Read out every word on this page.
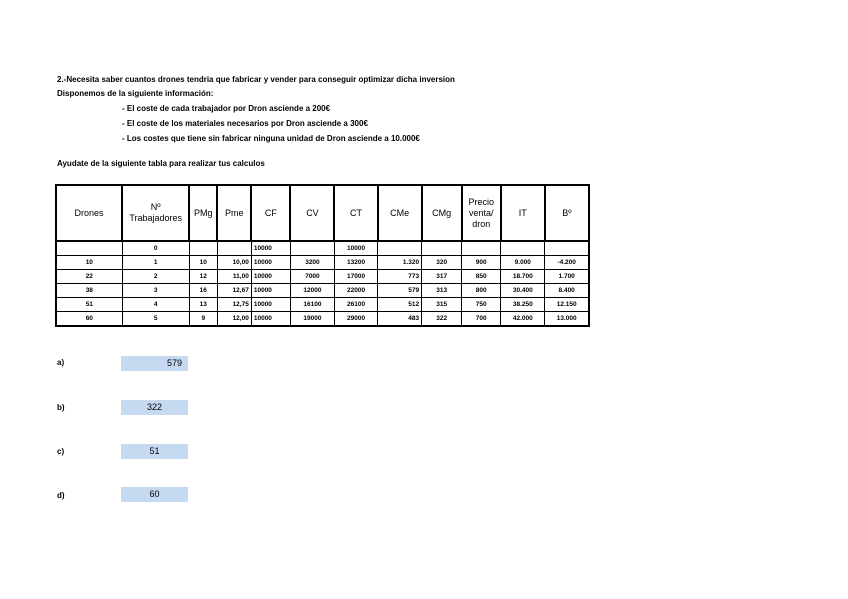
2.-Necesita saber cuantos drones tendria que fabricar y vender para conseguir optimizar dicha inversion
Disponemos de la siguiente información:
- El coste de cada trabajador por Dron asciende a 200€
- El coste de los materiales necesarios por Dron asciende a 300€
- Los costes que tiene sin fabricar ninguna unidad de Dron asciende a 10.000€
Ayudate de la siguiente tabla para realizar tus calculos
Drones	Nº Trabajadores	PMg	Pme	CF	CV	CT	CMe	CMg	Precio venta/ dron	IT	Bº
	0			10000		10000					
10	1	10	10,00	10000	3200	13200	1.320	320	900	9.000	-4.200
22	2	12	11,00	10000	7000	17000	773	317	850	18.700	1.700
38	3	16	12,67	10000	12000	22000	579	313	800	30.400	8.400
51	4	13	12,75	10000	16100	26100	512	315	750	38.250	12.150
60	5	9	12,00	10000	19000	29000	483	322	700	42.000	13.000
a)	579
b)	322
c)	51
d)	60
